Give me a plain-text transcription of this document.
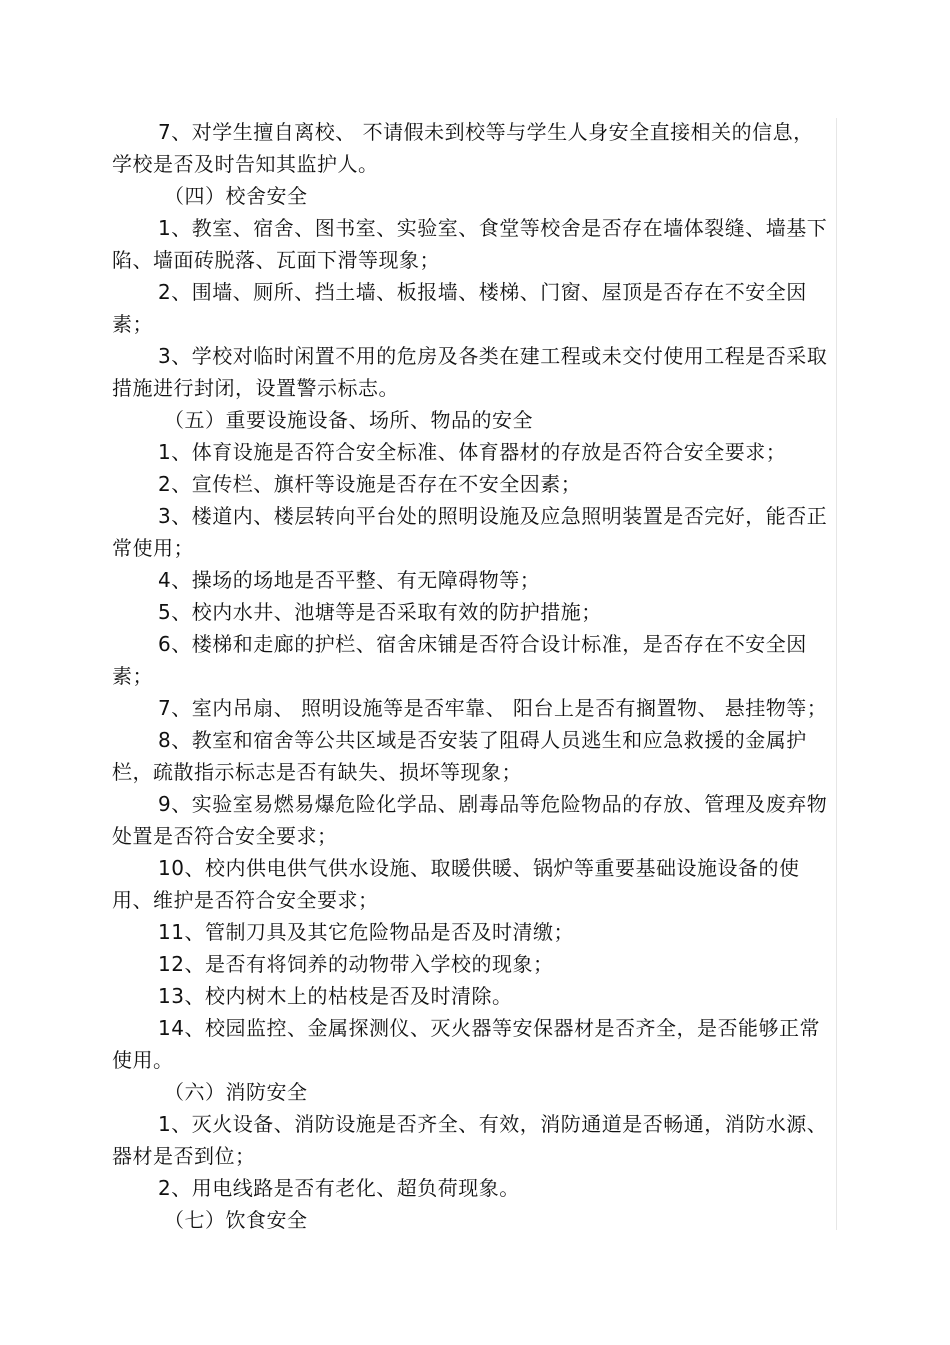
7、对学生擅自离校、 不请假未到校等与学生人身安全直接相关的信息，学校是否及时告知其监护人。

（四）校舍安全

1、教室、宿舍、图书室、实验室、食堂等校舍是否存在墙体裂缝、墙基下陷、墙面砖脱落、瓦面下滑等现象；

2、围墙、厕所、挡土墙、板报墙、楼梯、门窗、屋顶是否存在不安全因素；

3、学校对临时闲置不用的危房及各类在建工程或未交付使用工程是否采取措施进行封闭，设置警示标志。

（五）重要设施设备、场所、物品的安全

1、体育设施是否符合安全标准、体育器材的存放是否符合安全要求；

2、宣传栏、旗杆等设施是否存在不安全因素；

3、楼道内、楼层转向平台处的照明设施及应急照明装置是否完好，能否正常使用；

4、操场的场地是否平整、有无障碍物等；

5、校内水井、池塘等是否采取有效的防护措施；

6、楼梯和走廊的护栏、宿舍床铺是否符合设计标准，是否存在不安全因素；

7、室内吊扇、 照明设施等是否牢靠、 阳台上是否有搁置物、 悬挂物等；

8、教室和宿舍等公共区域是否安装了阻碍人员逃生和应急救援的金属护栏，疏散指示标志是否有缺失、损坏等现象；

9、实验室易燃易爆危险化学品、剧毒品等危险物品的存放、管理及废弃物处置是否符合安全要求；

10、校内供电供气供水设施、取暖供暖、锅炉等重要基础设施设备的使用、维护是否符合安全要求；

11、管制刀具及其它危险物品是否及时清缴；

12、是否有将饲养的动物带入学校的现象；

13、校内树木上的枯枝是否及时清除。

14、校园监控、金属探测仪、灭火器等安保器材是否齐全，是否能够正常使用。

（六）消防安全

1、灭火设备、消防设施是否齐全、有效，消防通道是否畅通，消防水源、器材是否到位；

2、用电线路是否有老化、超负荷现象。

（七）饮食安全
